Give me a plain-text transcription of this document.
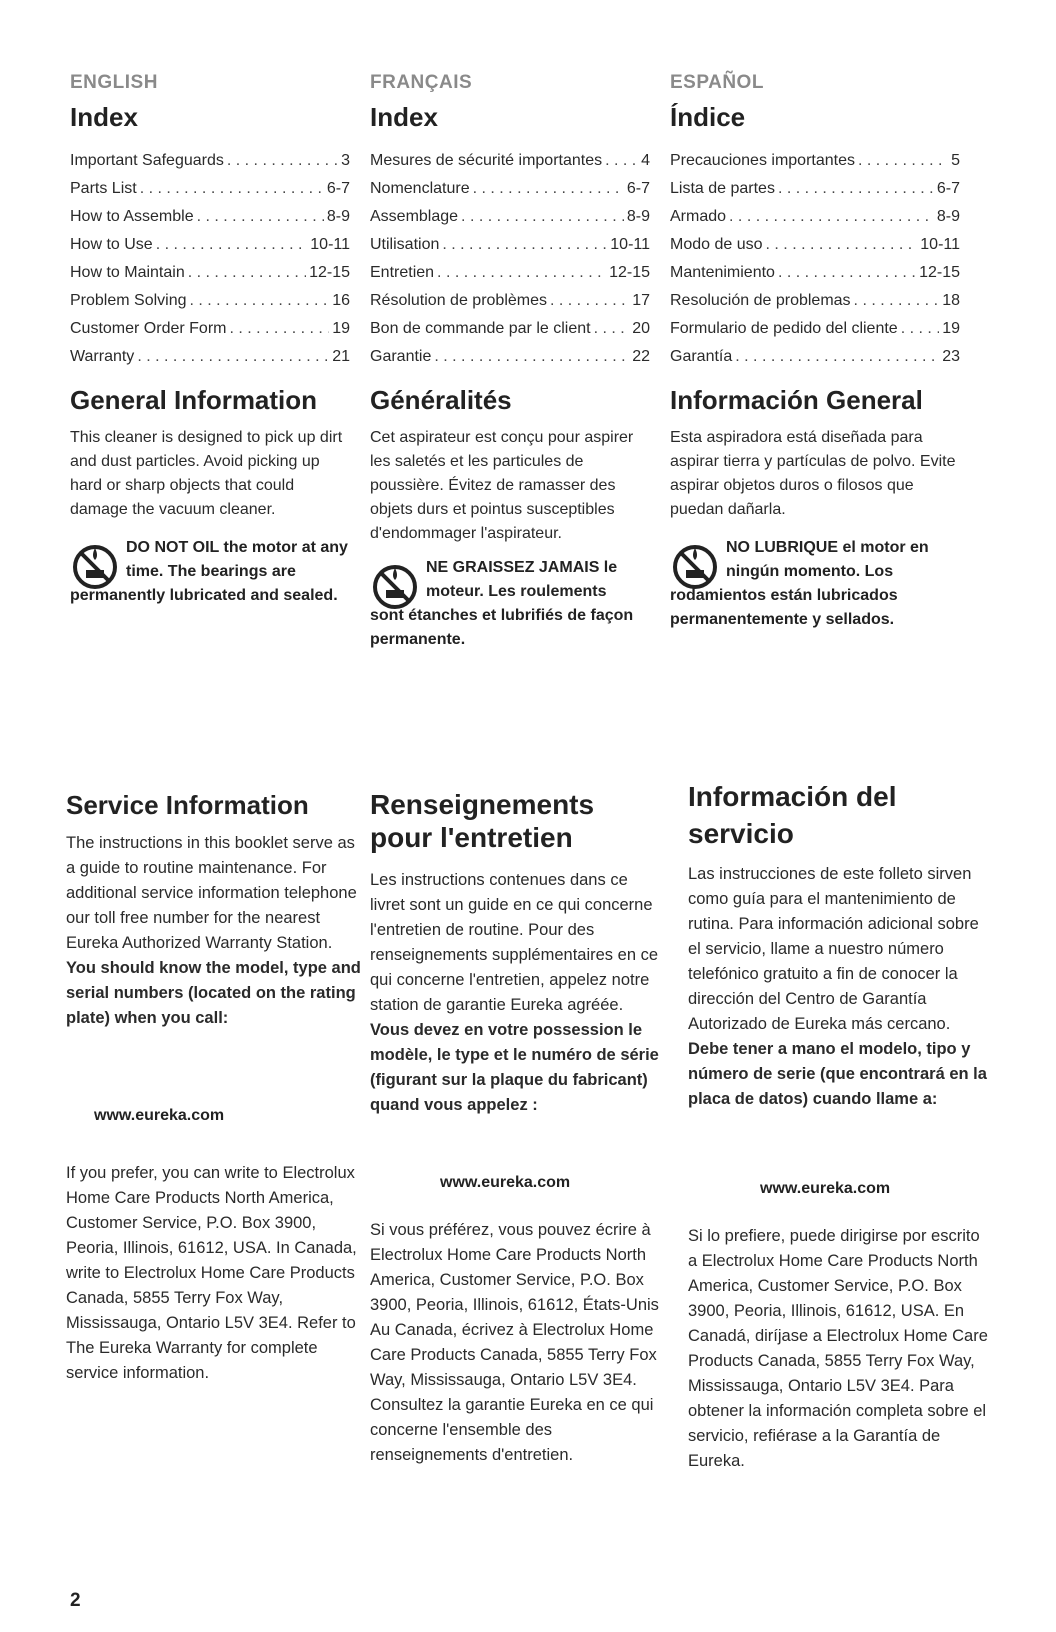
ENGLISH

Index
Important Safeguards . . .	3
Parts List . . .	6-7
How to Assemble . . .	8-9
How to Use . . .	10-11
How to Maintain . . .	12-15
Problem Solving . . .	16
Customer Order Form . . .	19
Warranty . . .	21
General Information

This cleaner is designed to pick up dirt and dust particles. Avoid picking up hard or sharp objects that could damage the vacuum cleaner.

DO NOT OIL the motor at any time. The bearings are
permanently lubricated and sealed.

FRANÇAIS

Index
Mesures de sécurité importantes . . . 4
Nomenclature . . .	6-7
Assemblage . . .	8-9
Utilisation . . .	10-11
Entretien . . .	12-15
Résolution de problèmes . . .	17
Bon de commande par le client . . .	20
Garantie . . .	22
Généralités

Cet aspirateur est conçu pour aspirer les saletés et les particules de poussière. Évitez de ramasser des objets durs et pointus susceptibles d'endommager l'aspirateur.

NE GRAISSEZ JAMAIS le moteur. Les roulements
sont étanches et lubrifiés de façon permanente.

ESPAÑOL

Índice
Precauciones importantes . . .	5
Lista de partes . . .	6-7
Armado . . .	8-9
Modo de uso . . .	10-11
Mantenimiento . . .	12-15
Resolución de problemas . . .	18
Formulario de pedido del cliente . . .	19
Garantía . . .	23
Información General

Esta aspiradora está diseñada para aspirar tierra y partículas de polvo. Evite aspirar objetos duros o filosos que puedan dañarla.

NO LUBRIQUE el motor en ningún momento. Los
rodamientos están lubricados permanentemente y sellados.
Service Information

The instructions in this booklet serve as a guide to routine maintenance. For additional service information telephone our toll free number for the nearest Eureka Authorized Warranty Station. You should know the model, type and serial numbers (located on the rating plate) when you call:

www.eureka.com

If you prefer, you can write to Electrolux Home Care Products North America, Customer Service, P.O. Box 3900, Peoria, Illinois, 61612, USA. In Canada, write to Electrolux Home Care Products Canada, 5855 Terry Fox Way, Mississauga, Ontario L5V 3E4. Refer to The Eureka Warranty for complete service information.

Renseignements pour l'entretien

Les instructions contenues dans ce livret sont un guide en ce qui concerne l'entretien de routine. Pour des renseignements supplémentaires en ce qui concerne l'entretien, appelez notre station de garantie Eureka agréée. Vous devez en votre possession le modèle, le type et le numéro de série (figurant sur la plaque du fabricant) quand vous appelez :

www.eureka.com

Si vous préférez, vous pouvez écrire à Electrolux Home Care Products North America, Customer Service, P.O. Box 3900, Peoria, Illinois, 61612, États-Unis Au Canada, écrivez à Electrolux Home Care Products Canada, 5855 Terry Fox Way, Mississauga, Ontario L5V 3E4. Consultez la garantie Eureka en ce qui concerne l'ensemble des renseignements d'entretien.

Información del servicio

Las instrucciones de este folleto sirven como guía para el mantenimiento de rutina. Para información adicional sobre el servicio, llame a nuestro número telefónico gratuito a fin de conocer la dirección del Centro de Garantía Autorizado de Eureka más cercano. Debe tener a mano el modelo, tipo y número de serie (que encontrará en la placa de datos) cuando llame a:

www.eureka.com

Si lo prefiere, puede dirigirse por escrito a Electrolux Home Care Products North America, Customer Service, P.O. Box 3900, Peoria, Illinois, 61612, USA. En Canadá, diríjase a Electrolux Home Care Products Canada, 5855 Terry Fox Way, Mississauga, Ontario L5V 3E4. Para obtener la información completa sobre el servicio, refiérase a la Garantía de Eureka.

2
